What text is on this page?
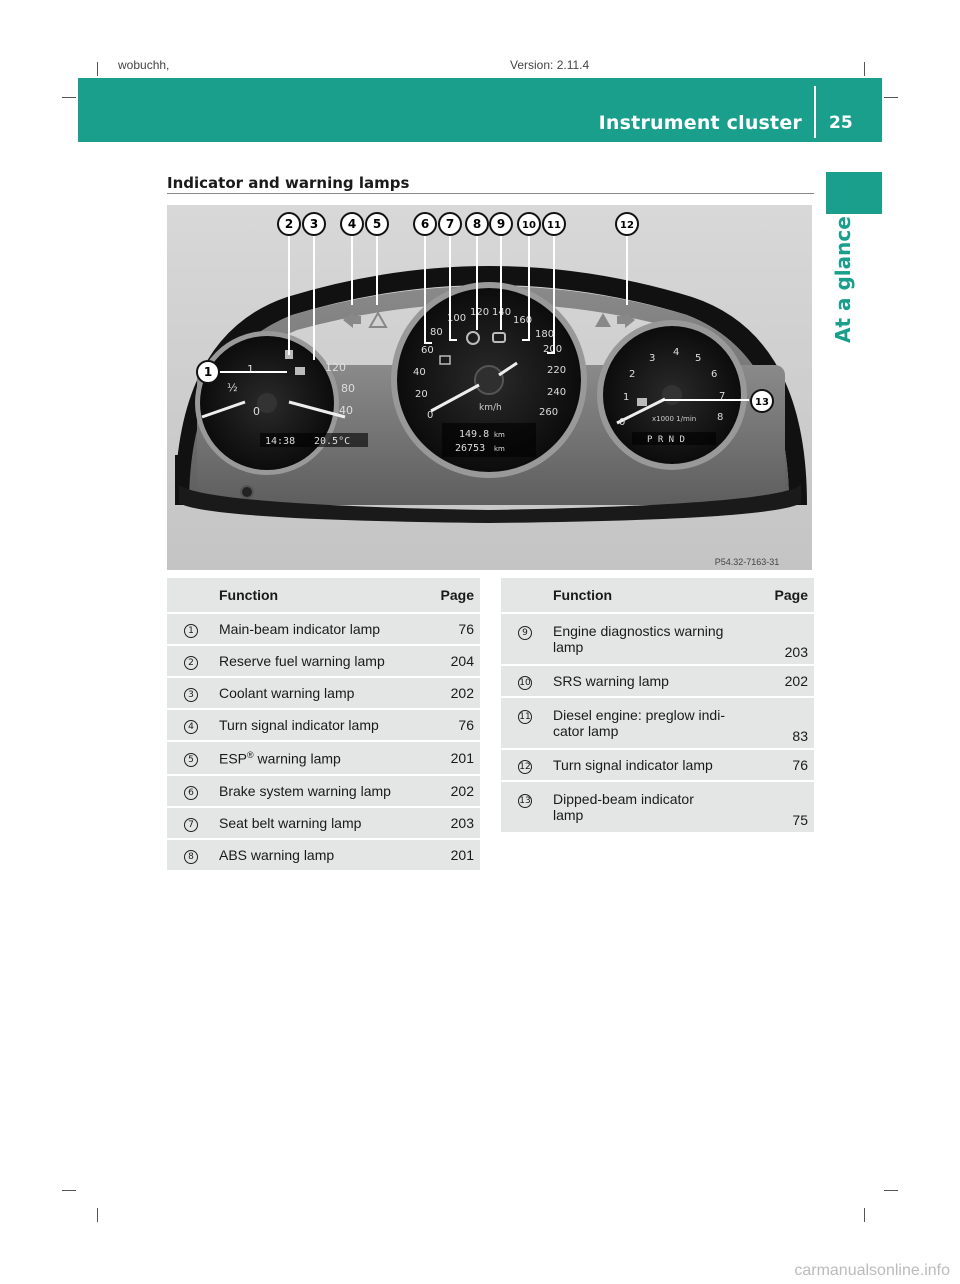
wobuchh,	Version: 2.11.4
Instrument cluster 25
At a glance
Indicator and warning lamps
14:38 20.5°C
0
½
1
40
80
120
km/h
149.8 km
26753 km
0
20
40
60
80
100
120 140
160
180
200
220
240
260
x1000 1/min
P R N D
0
1
2
3
4
5
6
7
8
2 3 4 5	6 7 8 9 10 11	12
1
13
P54.32-7163-31
	Function	Page
1	Main-beam indicator lamp	76
2	Reserve fuel warning lamp	204
3	Coolant warning lamp	202
4	Turn signal indicator lamp	76
5	ESP® warning lamp	201
6	Brake system warning lamp	202
7	Seat belt warning lamp	203
8	ABS warning lamp	201
	Function	Page
9	Engine diagnostics warning
lamp	203
10	SRS warning lamp	202
11	Diesel engine: preglow indi-
cator lamp	83
12	Turn signal indicator lamp	76
13	Dipped-beam indicator
lamp	75
carmanualsonline.info
